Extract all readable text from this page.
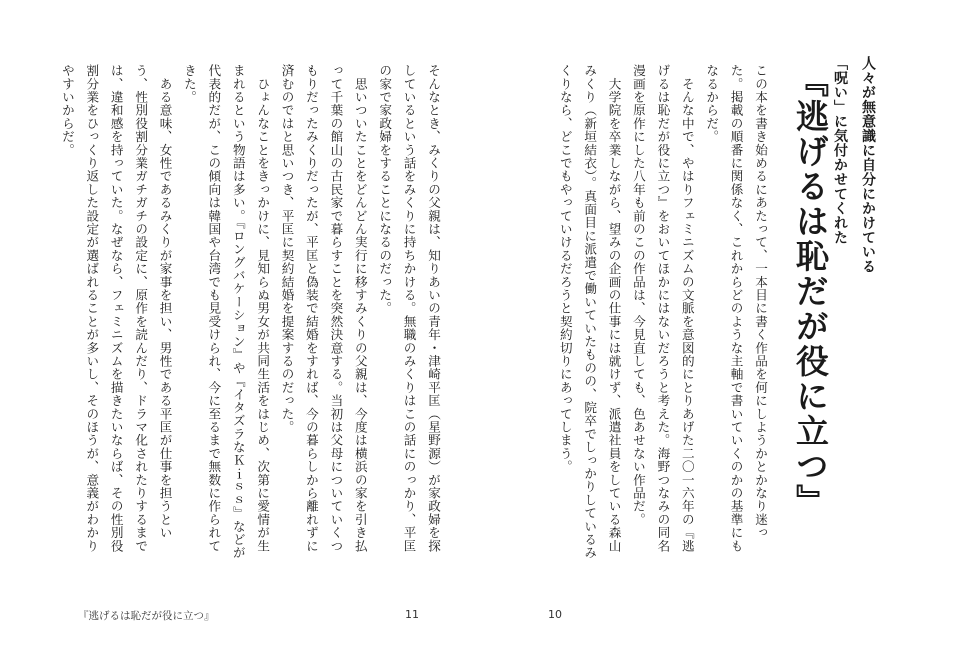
そんなとき、みくりの父親は、知りあいの青年・津崎平匡（星野源）が家政婦を探しているという話をみくりに持ちかける。無職のみくりはこの話にのっかり、平匡の家で家政婦をすることになるのだった。
　思いついたことをどんどん実行に移すみくりの父親は、今度は横浜の家を引き払って千葉の館山の古民家で暮らすことを突然決意する。当初は父母についていくつもりだったみくりだったが、平匡と偽装で結婚をすれば、今の暮らしから離れずに済むのではと思いつき、平匡に契約結婚を提案するのだった。
　ひょんなことをきっかけに、見知らぬ男女が共同生活をはじめ、次第に愛情が生まれるという物語は多い。『ロングバケーション』や『イタズラなＫｉｓｓ』などが代表的だが、この傾向は韓国や台湾でも見受けられ、今に至るまで無数に作られてきた。
　ある意味、女性であるみくりが家事を担い、男性である平匡が仕事を担うという、性別役割分業ガチガチの設定に、原作を読んだり、ドラマ化されたりするまでは、違和感を持っていた。なぜなら、フェミニズムを描きたいならば、その性別役割分業をひっくり返した設定が選ばれることが多いし、そのほうが、意義がわかりやすいからだ。
『逃げるは恥だが役に立つ』	11
人々が無意識に自分にかけている
「呪い」に気付かせてくれた
『逃げるは恥だが役に立つ』
この本を書き始めるにあたって、一本目に書く作品を何にしようかとかなり迷った。掲載の順番に関係なく、これからどのような主軸で書いていくのかの基準にもなるからだ。
　そんな中で、やはりフェミニズムの文脈を意図的にとりあげた二〇一六年の『逃げるは恥だが役に立つ』をおいてほかにはないだろうと考えた。海野つなみの同名漫画を原作にした八年も前のこの作品は、今見直しても、色あせない作品だ。
　大学院を卒業しながら、望みの企画の仕事には就けず、派遣社員をしている森山みくり（新垣結衣）。真面目に派遣で働いていたものの、院卒でしっかりしているみくりなら、どこでもやっていけるだろうと契約切りにあってしまう。
10
